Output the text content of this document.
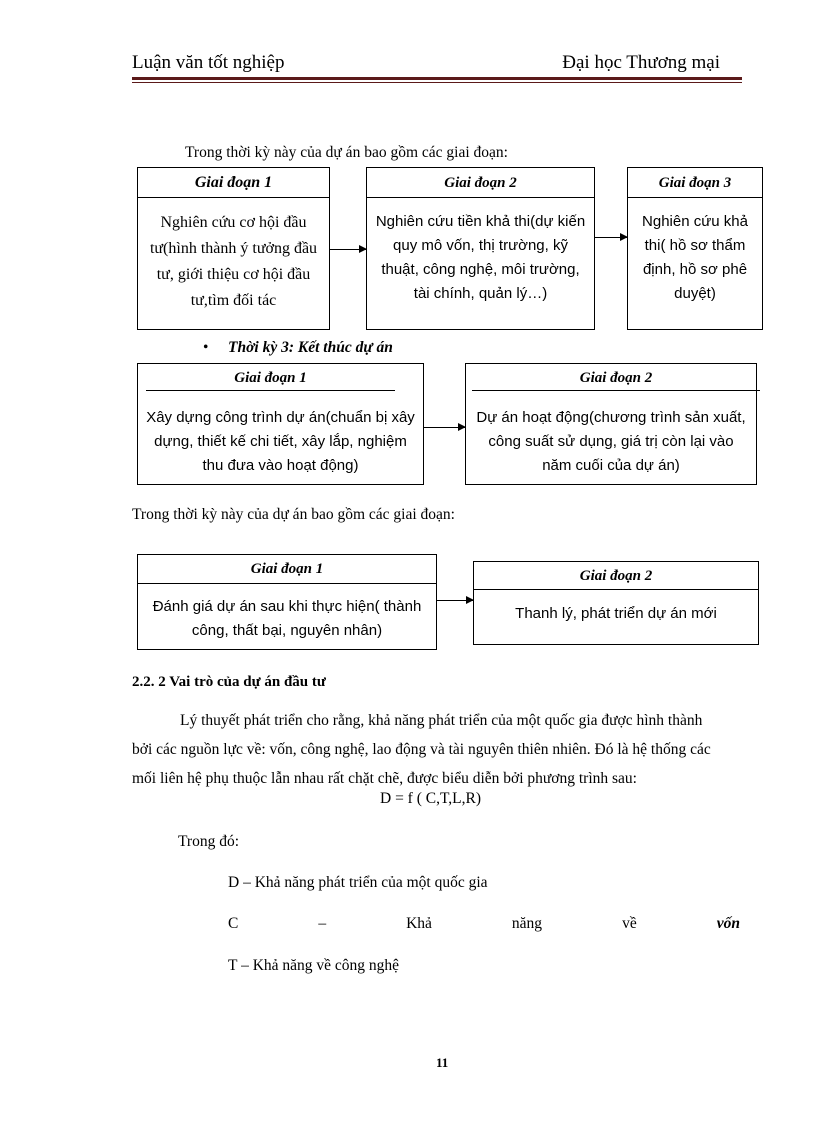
Luận văn tốt nghiệp	Đại học Thương mại
Trong thời kỳ này của dự án bao gồm các giai đoạn:
Giai đoạn 1
Nghiên cứu cơ hội đầu tư(hình thành ý tưởng đầu tư, giới thiệu cơ hội đầu tư,tìm đối tác
Giai đoạn 2
Nghiên cứu tiền khả thi(dự kiến quy mô vốn, thị trường, kỹ thuật, công nghệ, môi trường, tài chính, quản lý…)
Giai đoạn 3
Nghiên cứu khả thi( hồ sơ thẩm định, hồ sơ phê duyệt)
• Thời kỳ 3: Kết thúc dự án
Giai đoạn 1
Xây dựng công trình dự án(chuẩn bị xây dựng, thiết kế chi tiết, xây lắp, nghiệm thu đưa vào hoạt động)
Giai đoạn 2
Dự án hoạt động(chương trình sản xuất, công suất sử dụng, giá trị còn lại vào năm cuối của dự án)
Trong thời kỳ này của dự án bao gồm các giai đoạn:
Giai đoạn 1
Đánh giá dự án sau khi thực hiện( thành công, thất bại, nguyên nhân)
Giai đoạn 2
Thanh lý, phát triển dự án mới
2.2. 2 Vai trò của dự án đầu tư
Lý thuyết phát triển cho rằng, khả năng phát triển của một quốc gia được hình thành
bởi các nguồn lực về: vốn, công nghệ, lao động và tài nguyên thiên nhiên. Đó là hệ thống các
mối liên hệ phụ thuộc lẫn nhau rất chặt chẽ, được biểu diễn bởi phương trình sau:
D = f ( C,T,L,R)
Trong đó:
D – Khả năng phát triển của một quốc gia
C	–	Khả	năng	về	vốn
T – Khả năng về công nghệ
11
